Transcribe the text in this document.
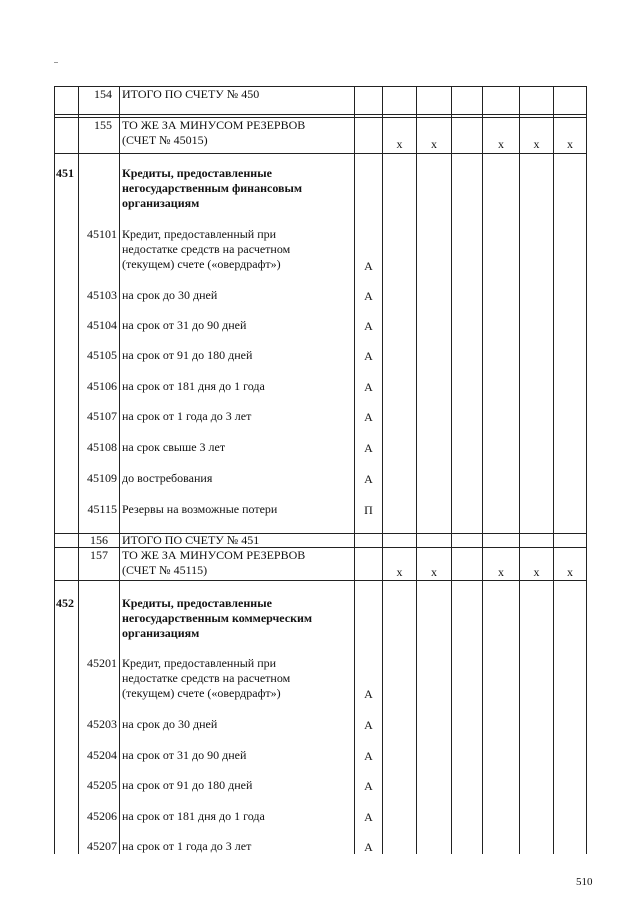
154 ИТОГО ПО СЧЕТУ № 450
155 ТО ЖЕ ЗА МИНУСОМ РЕЗЕРВОВ
(СЧЕТ № 45015)	x	x	x	x	x
451	Кредиты, предоставленные
негосударственным финансовым
организациям
45101 Кредит, предоставленный при
недостатке средств на расчетном
(текущем) счете («овердрафт»)	А
45103 на срок до 30 дней	А
45104 на срок от 31 до 90 дней	А
45105 на срок от 91 до 180 дней	А
45106 на срок от 181 дня до 1 года	А
45107 на срок от 1 года до 3 лет	А
45108 на срок свыше 3 лет	А
45109 до востребования	А
45115 Резервы на возможные потери	П
156 ИТОГО ПО СЧЕТУ № 451
157 ТО ЖЕ ЗА МИНУСОМ РЕЗЕРВОВ
(СЧЕТ № 45115)	x	x	x	x	x
452	Кредиты, предоставленные
негосударственным коммерческим
организациям
45201 Кредит, предоставленный при
недостатке средств на расчетном
(текущем) счете («овердрафт»)	А
45203 на срок до 30 дней	А
45204 на срок от 31 до 90 дней	А
45205 на срок от 91 до 180 дней	А
45206 на срок от 181 дня до 1 года	А
45207 на срок от 1 года до 3 лет	А
510
